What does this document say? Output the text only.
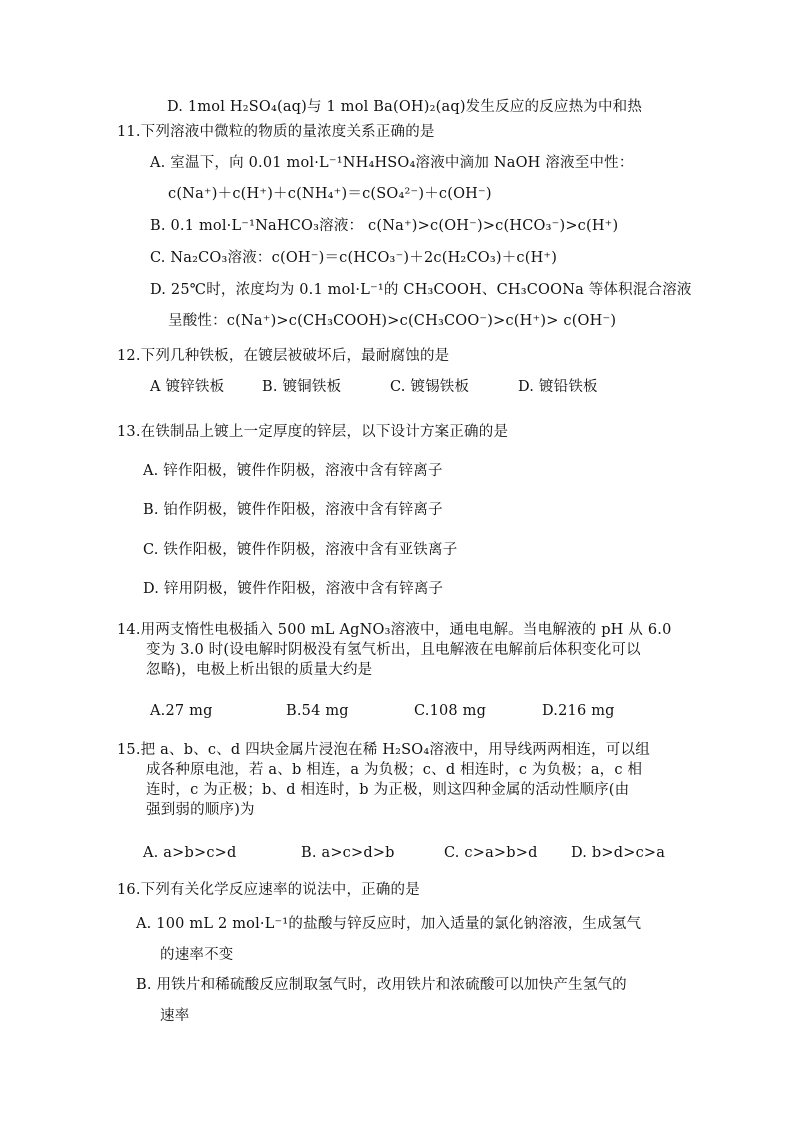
D. 1mol H₂SO₄(aq)与 1 mol Ba(OH)₂(aq)发生反应的反应热为中和热
11.下列溶液中微粒的物质的量浓度关系正确的是
A. 室温下，向 0.01 mol·L⁻¹NH₄HSO₄溶液中滴加 NaOH 溶液至中性：
c(Na⁺)＋c(H⁺)＋c(NH₄⁺)＝c(SO₄²⁻)＋c(OH⁻)
B. 0.1 mol·L⁻¹NaHCO₃溶液： c(Na⁺)>c(OH⁻)>c(HCO₃⁻)>c(H⁺)
C. Na₂CO₃溶液：c(OH⁻)＝c(HCO₃⁻)＋2c(H₂CO₃)＋c(H⁺)
D. 25℃时，浓度均为 0.1 mol·L⁻¹的 CH₃COOH、CH₃COONa 等体积混合溶液
呈酸性：c(Na⁺)>c(CH₃COOH)>c(CH₃COO⁻)>c(H⁺)> c(OH⁻)
12.下列几种铁板，在镀层被破坏后，最耐腐蚀的是
A 镀锌铁板	B. 镀铜铁板	C. 镀锡铁板	D. 镀铅铁板
13.在铁制品上镀上一定厚度的锌层，以下设计方案正确的是
A. 锌作阳极，镀件作阴极，溶液中含有锌离子
B. 铂作阴极，镀件作阳极，溶液中含有锌离子
C. 铁作阳极，镀件作阴极，溶液中含有亚铁离子
D. 锌用阴极，镀件作阳极，溶液中含有锌离子
14.用两支惰性电极插入 500 mL AgNO₃溶液中，通电电解。当电解液的 pH 从 6.0
变为 3.0 时(设电解时阴极没有氢气析出，且电解液在电解前后体积变化可以
忽略)，电极上析出银的质量大约是
A.27 mg	B.54 mg	C.108 mg	D.216 mg
15.把 a、b、c、d 四块金属片浸泡在稀 H₂SO₄溶液中，用导线两两相连，可以组
成各种原电池，若 a、b 相连，a 为负极；c、d 相连时，c 为负极；a，c 相
连时，c 为正极；b、d 相连时，b 为正极，则这四种金属的活动性顺序(由
强到弱的顺序)为
A. a>b>c>d	B. a>c>d>b	C. c>a>b>d D. b>d>c>a
16.下列有关化学反应速率的说法中，正确的是
A. 100 mL 2 mol·L⁻¹的盐酸与锌反应时，加入适量的氯化钠溶液，生成氢气
的速率不变
B. 用铁片和稀硫酸反应制取氢气时，改用铁片和浓硫酸可以加快产生氢气的
速率
